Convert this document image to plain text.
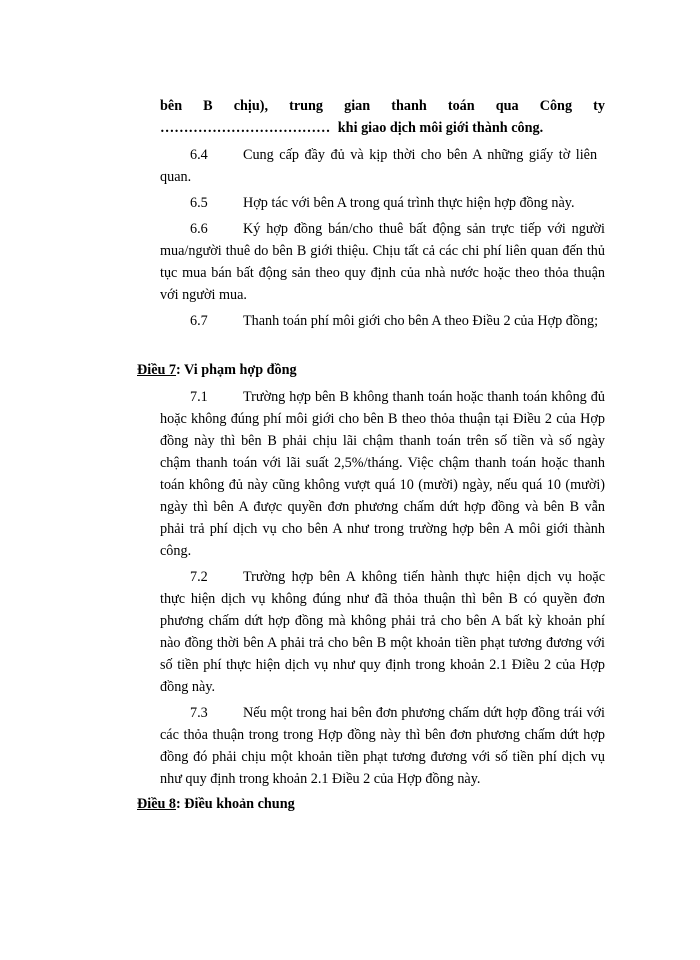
bên B chịu), trung gian thanh toán qua Công ty
……………………………… khi giao dịch môi giới thành công.
6.4 Cung cấp đầy đủ và kịp thời cho bên A những giấy tờ liên
quan.
6.5 Hợp tác với bên A trong quá trình thực hiện hợp đồng này.
6.6 Ký hợp đồng bán/cho thuê bất động sản trực tiếp với người
mua/người thuê do bên B giới thiệu. Chịu tất cả các chi phí liên quan đến thủ
tục mua bán bất động sản theo quy định của nhà nước hoặc theo thỏa thuận
với người mua.
6.7 Thanh toán phí môi giới cho bên A theo Điều 2 của Hợp đồng;
Điều 7: Vi phạm hợp đồng
7.1 Trường hợp bên B không thanh toán hoặc thanh toán không đủ
hoặc không đúng phí môi giới cho bên B theo thỏa thuận tại Điều 2 của Hợp
đồng này thì bên B phải chịu lãi chậm thanh toán trên số tiền và số ngày
chậm thanh toán với lãi suất 2,5%/tháng. Việc chậm thanh toán hoặc thanh
toán không đủ này cũng không vượt quá 10 (mười) ngày, nếu quá 10 (mười)
ngày thì bên A được quyền đơn phương chấm dứt hợp đồng và bên B vẫn
phải trả phí dịch vụ cho bên A như trong trường hợp bên A môi giới thành
công.
7.2 Trường hợp bên A không tiến hành thực hiện dịch vụ hoặc
thực hiện dịch vụ không đúng như đã thỏa thuận thì bên B có quyền đơn
phương chấm dứt hợp đồng mà không phải trả cho bên A bất kỳ khoản phí
nào đồng thời bên A phải trả cho bên B một khoản tiền phạt tương đương với
số tiền phí thực hiện dịch vụ như quy định trong khoản 2.1 Điều 2 của Hợp
đồng này.
7.3 Nếu một trong hai bên đơn phương chấm dứt hợp đồng trái với
các thỏa thuận trong trong Hợp đồng này thì bên đơn phương chấm dứt hợp
đồng đó phải chịu một khoản tiền phạt tương đương với số tiền phí dịch vụ
như quy định trong khoản 2.1 Điều 2 của Hợp đồng này.
Điều 8: Điều khoản chung
